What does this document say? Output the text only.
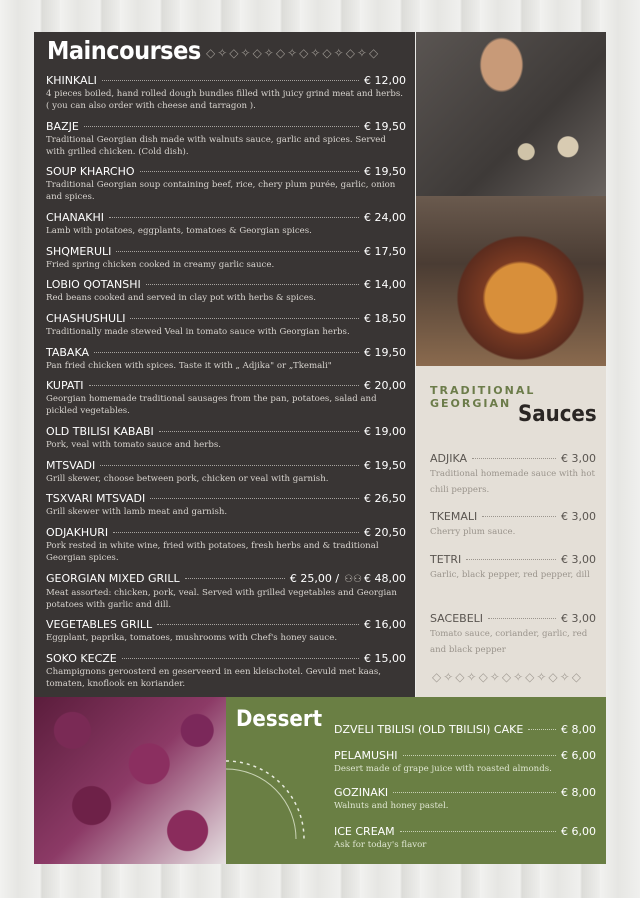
Maincourses ◇✧◇✧◇✧◇✧◇✧◇✧◇✧◇
KHINKALI	€ 12,00
4 pieces boiled, hand rolled dough bundles filled with juicy grind meat and herbs. ( you can also order with cheese and tarragon ).
BAZJE	€ 19,50
Traditional Georgian dish made with walnuts sauce, garlic and spices. Served with grilled chicken. (Cold dish).
SOUP KHARCHO	€ 19,50
Traditional Georgian soup containing beef, rice, chery plum purée, garlic, onion and spices.
CHANAKHI	€ 24,00
Lamb with potatoes, eggplants, tomatoes & Georgian spices.
SHQMERULI	€ 17,50
Fried spring chicken cooked in creamy garlic sauce.
LOBIO QOTANSHI	€ 14,00
Red beans cooked and served in clay pot with herbs & spices.
CHASHUSHULI	€ 18,50
Traditionally made stewed Veal in tomato sauce with Georgian herbs.
TABAKA	€ 19,50
Pan fried chicken with spices. Taste it with „ Adjika" or „Tkemali"
KUPATI	€ 20,00
Georgian homemade traditional sausages from the pan, potatoes, salad and pickled vegetables.
OLD TBILISI KABABI	€ 19,00
Pork, veal with tomato sauce and herbs.
MTSVADI	€ 19,50
Grill skewer, choose between pork, chicken or veal with garnish.
TSXVARI MTSVADI	€ 26,50
Grill skewer with lamb meat and garnish.
ODJAKHURI	€ 20,50
Pork rested in white wine, fried with potatoes, fresh herbs and & traditional Georgian spices.
GEORGIAN MIXED GRILL	€ 25,00 / ⚇⚇ € 48,00
Meat assorted: chicken, pork, veal. Served with grilled vegetables and Georgian potatoes with garlic and dill.
VEGETABLES GRILL	€ 16,00
Eggplant, paprika, tomatoes, mushrooms with Chef's honey sauce.
SOKO KECZE	€ 15,00
Champignons geroosterd en geserveerd in een kleischotel. Gevuld met kaas, tomaten, knoflook en koriander.
TRADITIONAL GEORGIAN Sauces
ADJIKA	€ 3,00
Traditional homemade sauce with hot chili peppers.
TKEMALI	€ 3,00
Cherry plum sauce.
TETRI	€ 3,00
Garlic, black pepper, red pepper, dill
SACEBELI	€ 3,00
Tomato sauce, coriander, garlic, red and black pepper
◇✧◇✧◇✧◇✧◇✧◇✧◇
Dessert DZVELI TBILISI (OLD TBILISI) CAKE	€ 8,00
PELAMUSHI	€ 6,00
Desert made of grape juice with roasted almonds.
GOZINAKI	€ 8,00
Walnuts and honey pastel.
ICE CREAM	€ 6,00
Ask for today's flavor
